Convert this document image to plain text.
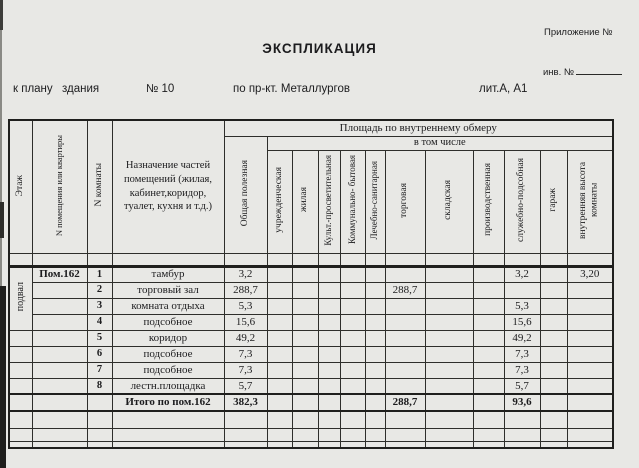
Приложение №
ЭКСПЛИКАЦИЯ
инв. №
к плану здания	№ 10	по пр-кт. Металлургов	лит.А, А1
Этаж	N помещения или квартиры	N комнаты	Назначение частей помещений (жилая, кабинет,коридор, туалет, кухня и т.д.)	Площадь по внутреннему обмеру											
				Общая полезная	в том числе										
					учрежденческая	жилая	Культ.-просветительная	Коммунально- бытовая	Лечебно-санитарная	торговая	складская	производственная	служебно-подсобная	гараж	внутренняя высота комнаты

подвал	Пом.162	1	тамбур	3,2									3,2		3,20
		2	торговый зал	288,7						288,7					
		3	комната отдыха	5,3									5,3		
		4	подсобное	15,6									15,6		
		5	коридор	49,2									49,2		
		6	подсобное	7,3									7,3		
		7	подсобное	7,3									7,3		
		8	лестн.площадка	5,7									5,7		
			Итого по пом.162	382,3						288,7			93,6		
